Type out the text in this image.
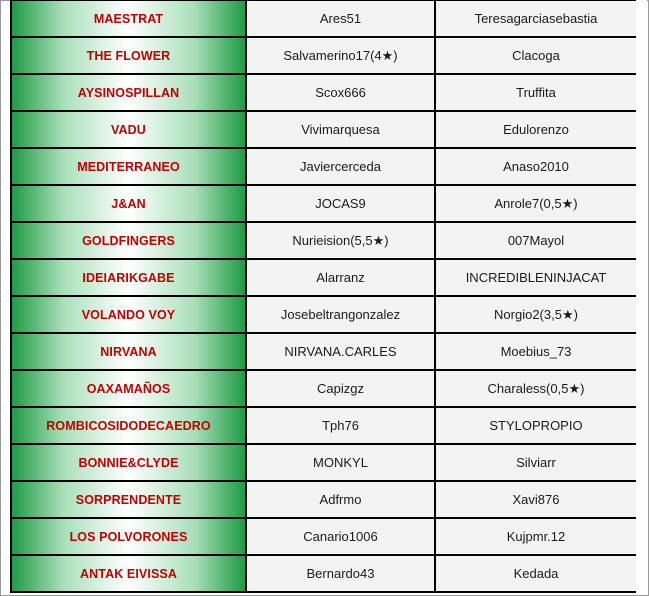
MAESTRAT	Ares51	Teresagarciasebastia
THE FLOWER	Salvamerino17(4★)	Clacoga
AYSINOSPILLAN	Scox666	Truffita
VADU	Vivimarquesa	Edulorenzo
MEDITERRANEO	Javiercerceda	Anaso2010
J&AN	JOCAS9	Anrole7(0,5★)
GOLDFINGERS	Nurieision(5,5★)	007Mayol
IDEIARIKGABE	Alarranz	INCREDIBLENINJACAT
VOLANDO VOY	Josebeltrangonzalez	Norgio2(3,5★)
NIRVANA	NIRVANA.CARLES	Moebius_73
OAXAMAÑOS	Capizgz	Charaless(0,5★)
ROMBICOSIDODECAEDRO	Tph76	STYLOPROPIO
BONNIE&CLYDE	MONKYL	Silviarr
SORPRENDENTE	Adfrmo	Xavi876
LOS POLVORONES	Canario1006	Kujpmr.12
ANTAK EIVISSA	Bernardo43	Kedada
